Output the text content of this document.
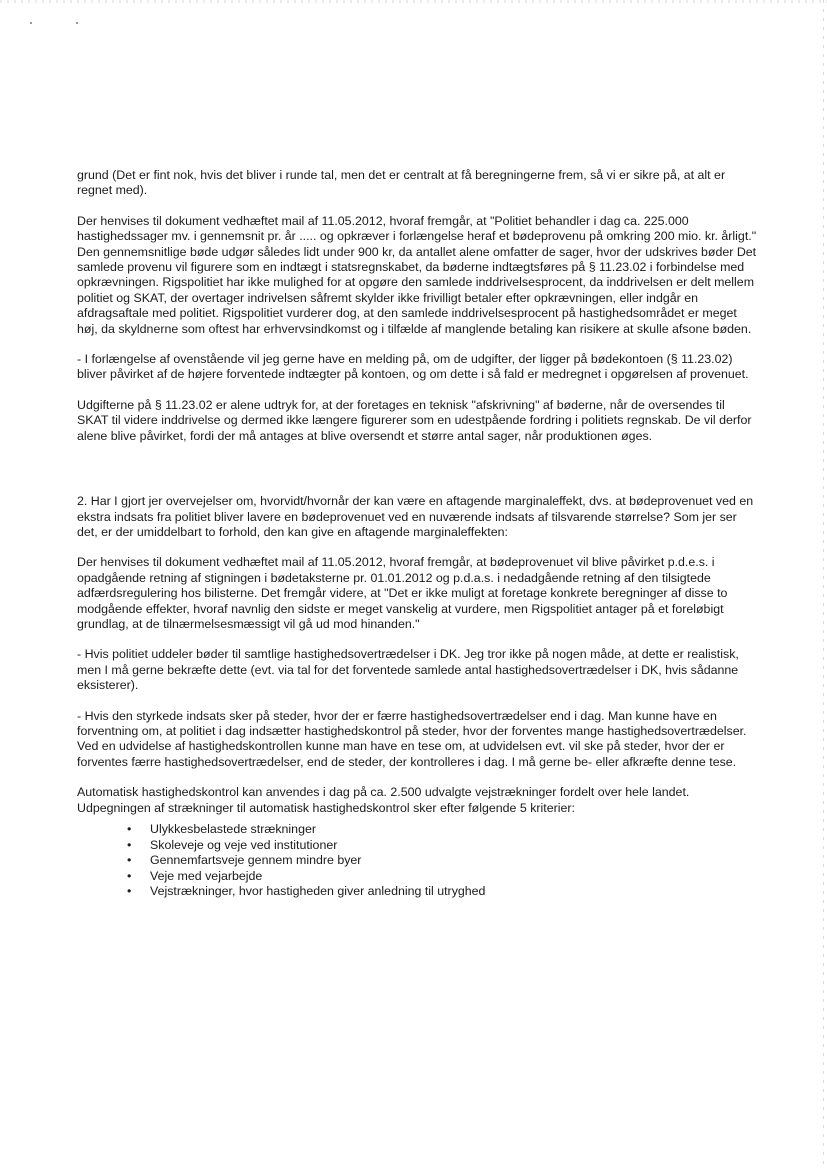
grund (Det er fint nok, hvis det bliver i runde tal, men det er centralt at få beregningerne frem, så vi er sikre på, at alt er regnet med).

Der henvises til dokument vedhæftet mail af 11.05.2012, hvoraf fremgår, at "Politiet behandler i dag ca. 225.000 hastighedssager mv. i gennemsnit pr. år ..... og opkræver i forlængelse heraf et bødeprovenu på omkring 200 mio. kr. årligt." Den gennemsnitlige bøde udgør således lidt under 900 kr, da antallet alene omfatter de sager, hvor der udskrives bøder Det samlede provenu vil figurere som en indtægt i statsregnskabet, da bøderne indtægtsføres på § 11.23.02 i forbindelse med opkrævningen. Rigspolitiet har ikke mulighed for at opgøre den samlede inddrivelsesprocent, da inddrivelsen er delt mellem politiet og SKAT, der overtager indrivelsen såfremt skylder ikke frivilligt betaler efter opkrævningen, eller indgår en afdragsaftale med politiet. Rigspolitiet vurderer dog, at den samlede inddrivelsesprocent på hastighedsområdet er meget høj, da skyldnerne som oftest har erhvervsindkomst og i tilfælde af manglende betaling kan risikere at skulle afsone bøden.

- I forlængelse af ovenstående vil jeg gerne have en melding på, om de udgifter, der ligger på bødekontoen (§ 11.23.02) bliver påvirket af de højere forventede indtægter på kontoen, og om dette i så fald er medregnet i opgørelsen af provenuet.

Udgifterne på § 11.23.02 er alene udtryk for, at der foretages en teknisk "afskrivning" af bøderne, når de oversendes til SKAT til videre inddrivelse og dermed ikke længere figurerer som en udestpående fordring i politiets regnskab. De vil derfor alene blive påvirket, fordi der må antages at blive oversendt et større antal sager, når produktionen øges.

2. Har I gjort jer overvejelser om, hvorvidt/hvornår der kan være en aftagende marginaleffekt, dvs. at bødeprovenuet ved en ekstra indsats fra politiet bliver lavere en bødeprovenuet ved en nuværende indsats af tilsvarende størrelse? Som jer ser det, er der umiddelbart to forhold, den kan give en aftagende marginaleffekten:

Der henvises til dokument vedhæftet mail af 11.05.2012, hvoraf fremgår, at bødeprovenuet vil blive påvirket p.d.e.s. i opadgående retning af stigningen i bødetaksterne pr. 01.01.2012 og p.d.a.s. i nedadgående retning af den tilsigtede adfærdsregulering hos bilisterne. Det fremgår videre, at "Det er ikke muligt at foretage konkrete beregninger af disse to modgående effekter, hvoraf navnlig den sidste er meget vanskelig at vurdere, men Rigspolitiet antager på et foreløbigt grundlag, at de tilnærmelsesmæssigt vil gå ud mod hinanden."

- Hvis politiet uddeler bøder til samtlige hastighedsovertrædelser i DK. Jeg tror ikke på nogen måde, at dette er realistisk, men I må gerne bekræfte dette (evt. via tal for det forventede samlede antal hastighedsovertrædelser i DK, hvis sådanne eksisterer).

- Hvis den styrkede indsats sker på steder, hvor der er færre hastighedsovertrædelser end i dag. Man kunne have en forventning om, at politiet i dag indsætter hastighedskontrol på steder, hvor der forventes mange hastighedsovertrædelser. Ved en udvidelse af hastighedskontrollen kunne man have en tese om, at udvidelsen evt. vil ske på steder, hvor der er forventes færre hastighedsovertrædelser, end de steder, der kontrolleres i dag. I må gerne be- eller afkræfte denne tese.

Automatisk hastighedskontrol kan anvendes i dag på ca. 2.500 udvalgte vejstrækninger fordelt over hele landet. Udpegningen af strækninger til automatisk hastighedskontrol sker efter følgende 5 kriterier:

• Ulykkesbelastede strækninger
• Skoleveje og veje ved institutioner
• Gennemfartsveje gennem mindre byer
• Veje med vejarbejde
• Vejstrækninger, hvor hastigheden giver anledning til utryghed
